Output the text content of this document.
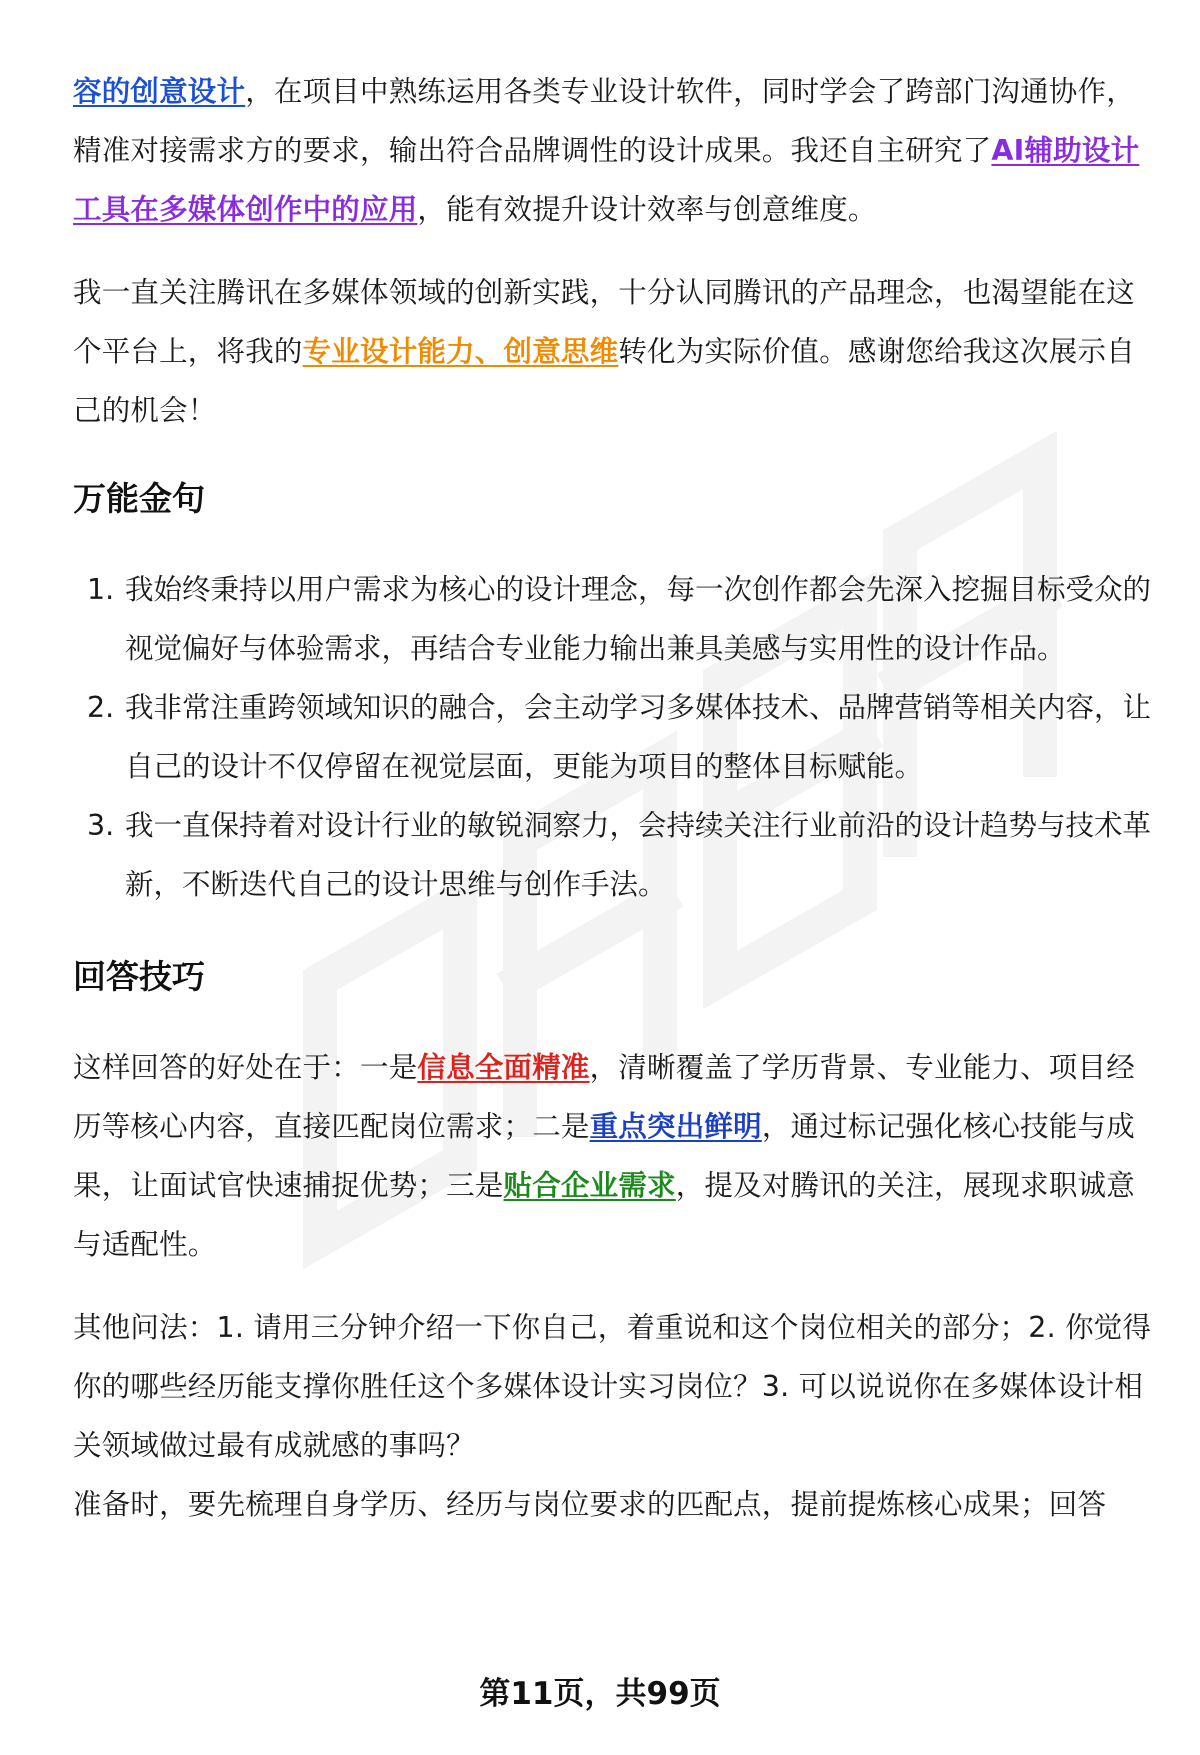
容的创意设计，在项目中熟练运用各类专业设计软件，同时学会了跨部门沟通协作，精准对接需求方的要求，输出符合品牌调性的设计成果。我还自主研究了AI辅助设计工具在多媒体创作中的应用，能有效提升设计效率与创意维度。

我一直关注腾讯在多媒体领域的创新实践，十分认同腾讯的产品理念，也渴望能在这个平台上，将我的专业设计能力、创意思维转化为实际价值。感谢您给我这次展示自己的机会！

万能金句
1. 我始终秉持以用户需求为核心的设计理念，每一次创作都会先深入挖掘目标受众的视觉偏好与体验需求，再结合专业能力输出兼具美感与实用性的设计作品。
2. 我非常注重跨领域知识的融合，会主动学习多媒体技术、品牌营销等相关内容，让自己的设计不仅停留在视觉层面，更能为项目的整体目标赋能。
3. 我一直保持着对设计行业的敏锐洞察力，会持续关注行业前沿的设计趋势与技术革新，不断迭代自己的设计思维与创作手法。
回答技巧

这样回答的好处在于：一是信息全面精准，清晰覆盖了学历背景、专业能力、项目经历等核心内容，直接匹配岗位需求；二是重点突出鲜明，通过标记强化核心技能与成果，让面试官快速捕捉优势；三是贴合企业需求，提及对腾讯的关注，展现求职诚意与适配性。

其他问法：1. 请用三分钟介绍一下你自己，着重说和这个岗位相关的部分；2. 你觉得你的哪些经历能支撑你胜任这个多媒体设计实习岗位？3. 可以说说你在多媒体设计相关领域做过最有成就感的事吗？

准备时，要先梳理自身学历、经历与岗位要求的匹配点，提前提炼核心成果；回答

第11页，共99页
